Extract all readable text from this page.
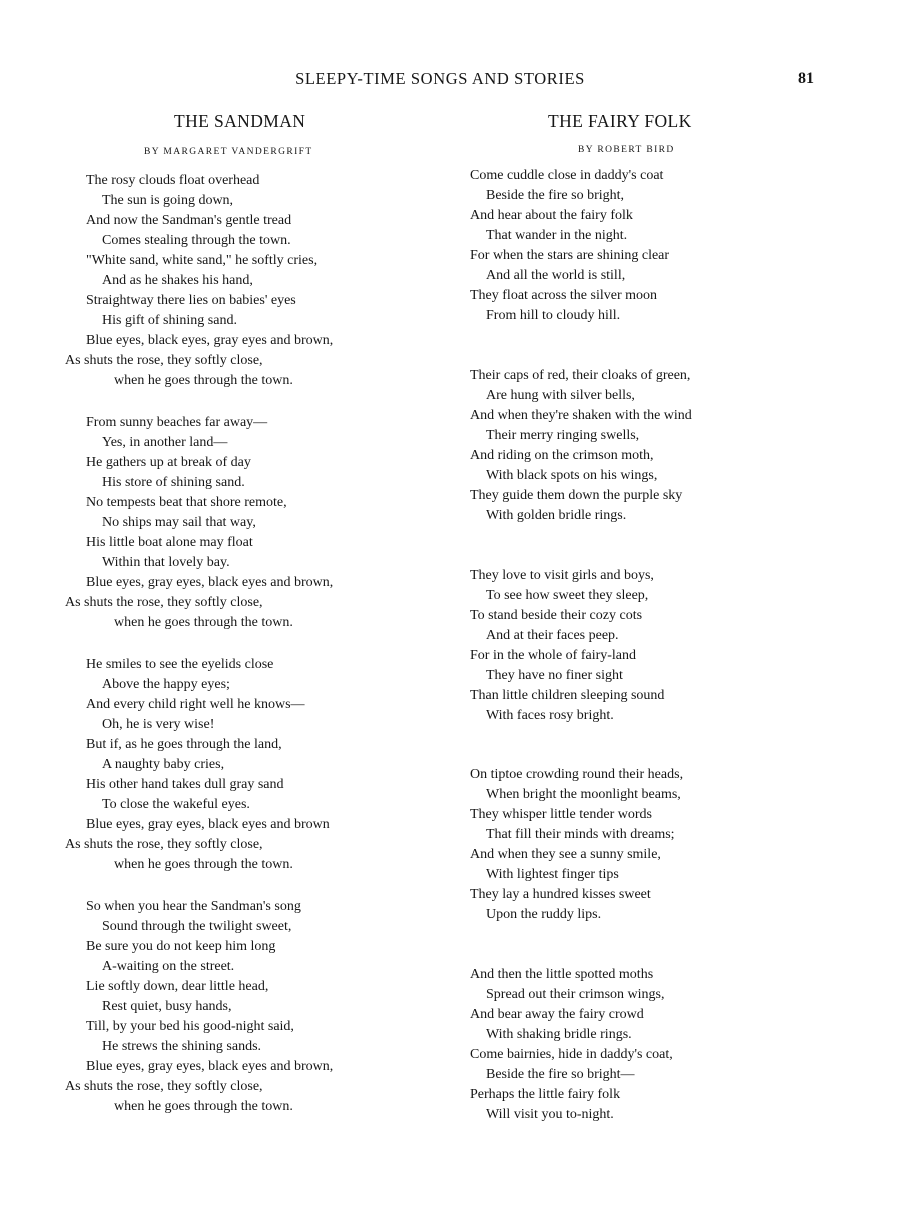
SLEEPY-TIME SONGS AND STORIES	81
THE SANDMAN
BY MARGARET VANDERGRIFT
The rosy clouds float overhead
The sun is going down,
And now the Sandman's gentle tread
Comes stealing through the town.
"White sand, white sand," he softly cries,
And as he shakes his hand,
Straightway there lies on babies' eyes
His gift of shining sand.
Blue eyes, black eyes, gray eyes and brown,
As shuts the rose, they softly close,
when he goes through the town.
From sunny beaches far away—
Yes, in another land—
He gathers up at break of day
His store of shining sand.
No tempests beat that shore remote,
No ships may sail that way,
His little boat alone may float
Within that lovely bay.
Blue eyes, gray eyes, black eyes and brown,
As shuts the rose, they softly close,
when he goes through the town.
He smiles to see the eyelids close
Above the happy eyes;
And every child right well he knows—
Oh, he is very wise!
But if, as he goes through the land,
A naughty baby cries,
His other hand takes dull gray sand
To close the wakeful eyes.
Blue eyes, gray eyes, black eyes and brown
As shuts the rose, they softly close,
when he goes through the town.
So when you hear the Sandman's song
Sound through the twilight sweet,
Be sure you do not keep him long
A-waiting on the street.
Lie softly down, dear little head,
Rest quiet, busy hands,
Till, by your bed his good-night said,
He strews the shining sands.
Blue eyes, gray eyes, black eyes and brown,
As shuts the rose, they softly close,
when he goes through the town.
THE FAIRY FOLK
BY ROBERT BIRD
Come cuddle close in daddy's coat
Beside the fire so bright,
And hear about the fairy folk
That wander in the night.
For when the stars are shining clear
And all the world is still,
They float across the silver moon
From hill to cloudy hill.
Their caps of red, their cloaks of green,
Are hung with silver bells,
And when they're shaken with the wind
Their merry ringing swells,
And riding on the crimson moth,
With black spots on his wings,
They guide them down the purple sky
With golden bridle rings.
They love to visit girls and boys,
To see how sweet they sleep,
To stand beside their cozy cots
And at their faces peep.
For in the whole of fairy-land
They have no finer sight
Than little children sleeping sound
With faces rosy bright.
On tiptoe crowding round their heads,
When bright the moonlight beams,
They whisper little tender words
That fill their minds with dreams;
And when they see a sunny smile,
With lightest finger tips
They lay a hundred kisses sweet
Upon the ruddy lips.
And then the little spotted moths
Spread out their crimson wings,
And bear away the fairy crowd
With shaking bridle rings.
Come bairnies, hide in daddy's coat,
Beside the fire so bright—
Perhaps the little fairy folk
Will visit you to-night.
